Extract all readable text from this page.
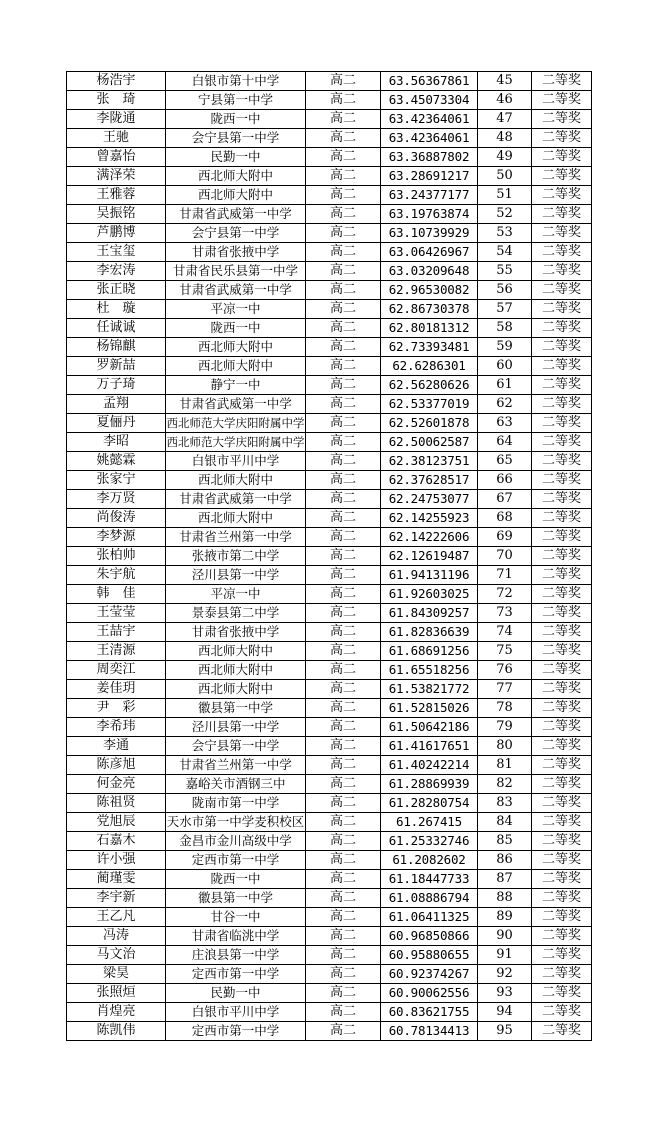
杨浩宇	白银市第十中学	高二	63.56367861	45	二等奖
张　琦	宁县第一中学	高二	63.45073304	46	二等奖
李陇通	陇西一中	高二	63.42364061	47	二等奖
王驰	会宁县第一中学	高二	63.42364061	48	二等奖
曾嘉怡	民勤一中	高二	63.36887802	49	二等奖
满泽荣	西北师大附中	高二	63.28691217	50	二等奖
王雅蓉	西北师大附中	高二	63.24377177	51	二等奖
吴振铭	甘肃省武威第一中学	高二	63.19763874	52	二等奖
芦鹏博	会宁县第一中学	高二	63.10739929	53	二等奖
王宝玺	甘肃省张掖中学	高二	63.06426967	54	二等奖
李宏涛	甘肃省民乐县第一中学	高二	63.03209648	55	二等奖
张正晓	甘肃省武威第一中学	高二	62.96530082	56	二等奖
杜　璇	平凉一中	高二	62.86730378	57	二等奖
任诚诚	陇西一中	高二	62.80181312	58	二等奖
杨锦麒	西北师大附中	高二	62.73393481	59	二等奖
罗新喆	西北师大附中	高二	62.6286301	60	二等奖
万子琦	静宁一中	高二	62.56280626	61	二等奖
孟翔	甘肃省武威第一中学	高二	62.53377019	62	二等奖
夏俪丹	西北师范大学庆阳附属中学	高二	62.52601878	63	二等奖
李昭	西北师范大学庆阳附属中学	高二	62.50062587	64	二等奖
姚懿霖	白银市平川中学	高二	62.38123751	65	二等奖
张家宁	西北师大附中	高二	62.37628517	66	二等奖
李万贤	甘肃省武威第一中学	高二	62.24753077	67	二等奖
尚俊涛	西北师大附中	高二	62.14255923	68	二等奖
李梦源	甘肃省兰州第一中学	高二	62.14222606	69	二等奖
张柏帅	张掖市第二中学	高二	62.12619487	70	二等奖
朱宇航	泾川县第一中学	高二	61.94131196	71	二等奖
韩　佳	平凉一中	高二	61.92603025	72	二等奖
王莹莹	景泰县第二中学	高二	61.84309257	73	二等奖
王喆宇	甘肃省张掖中学	高二	61.82836639	74	二等奖
王清源	西北师大附中	高二	61.68691256	75	二等奖
周奕江	西北师大附中	高二	61.65518256	76	二等奖
姜佳玥	西北师大附中	高二	61.53821772	77	二等奖
尹　彩	徽县第一中学	高二	61.52815026	78	二等奖
李希玮	泾川县第一中学	高二	61.50642186	79	二等奖
李通	会宁县第一中学	高二	61.41617651	80	二等奖
陈彦旭	甘肃省兰州第一中学	高二	61.40242214	81	二等奖
何金亮	嘉峪关市酒钢三中	高二	61.28869939	82	二等奖
陈祖贤	陇南市第一中学	高二	61.28280754	83	二等奖
党旭辰	天水市第一中学麦积校区	高二	61.267415	84	二等奖
石嘉木	金昌市金川高级中学	高二	61.25332746	85	二等奖
许小强	定西市第一中学	高二	61.2082602	86	二等奖
蔺瑾雯	陇西一中	高二	61.18447733	87	二等奖
李宇新	徽县第一中学	高二	61.08886794	88	二等奖
王乙凡	甘谷一中	高二	61.06411325	89	二等奖
冯涛	甘肃省临洮中学	高二	60.96850866	90	二等奖
马文治	庄浪县第一中学	高二	60.95880655	91	二等奖
梁昊	定西市第一中学	高二	60.92374267	92	二等奖
张照烜	民勤一中	高二	60.90062556	93	二等奖
肖煌亮	白银市平川中学	高二	60.83621755	94	二等奖
陈凯伟	定西市第一中学	高二	60.78134413	95	二等奖
